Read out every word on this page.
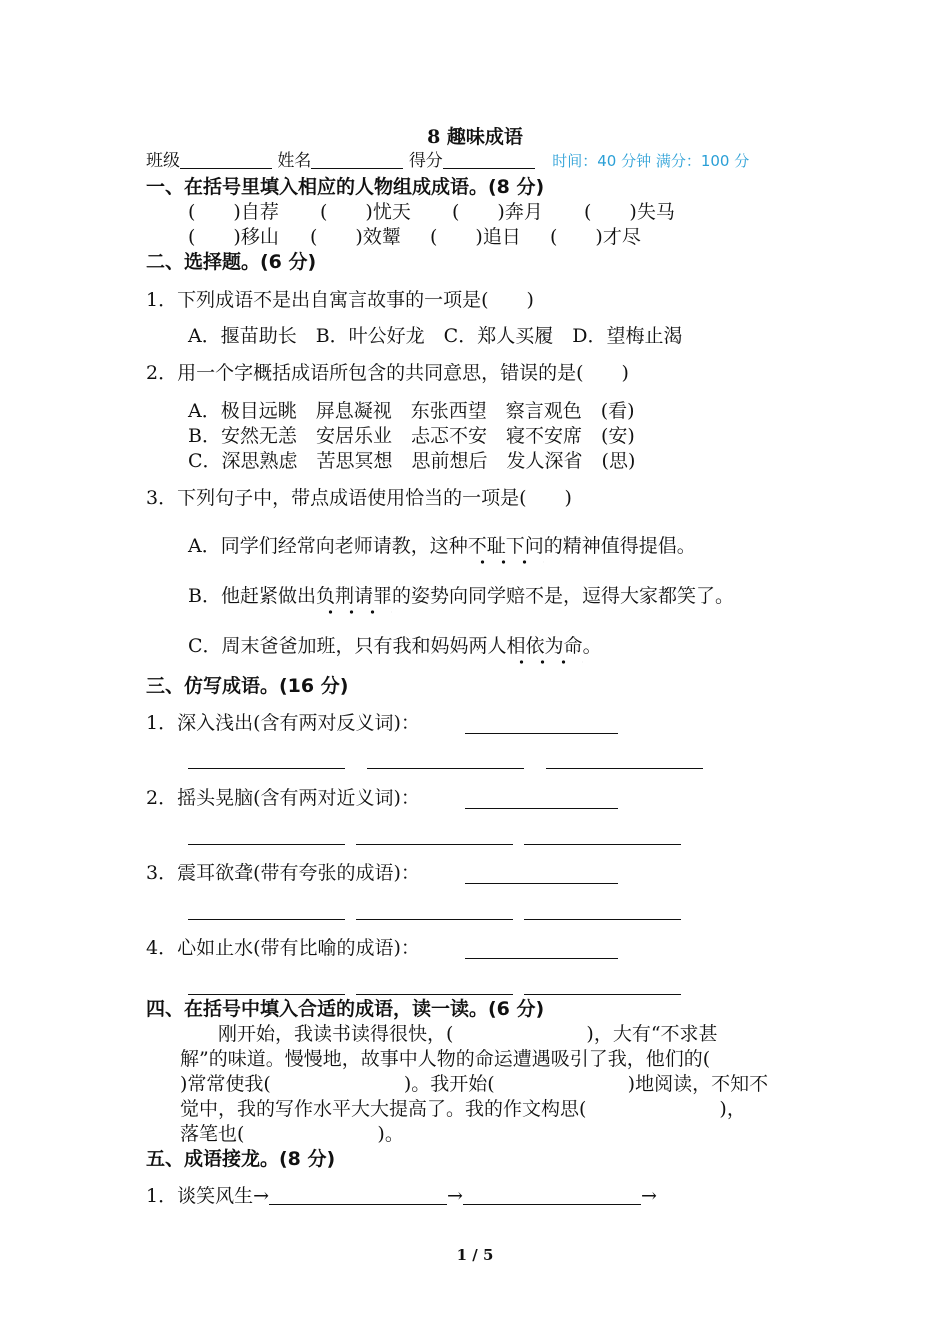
8 趣味成语
班级	姓名	得分	时间：40 分钟 满分：100 分
一、在括号里填入相应的人物组成成语。(8 分)
(　　)自荐 (　　)忧天 (　　)奔月 (　　)失马
(　　)移山 (　　)效颦 (　　)追日 (　　)才尽
二、选择题。(6 分)
1．下列成语不是出自寓言故事的一项是(　　)
A．揠苗助长　B．叶公好龙　C．郑人买履　D．望梅止渴
2．用一个字概括成语所包含的共同意思，错误的是(　　)
A．极目远眺　屏息凝视　东张西望　察言观色　(看)
B．安然无恙　安居乐业　忐忑不安　寝不安席　(安)
C．深思熟虑　苦思冥想　思前想后　发人深省　(思)
3．下列句子中，带点成语使用恰当的一项是(　　)
A．同学们经常向老师请教，这种不耻下问的精神值得提倡。
B．他赶紧做出负荆请罪的姿势向同学赔不是，逗得大家都笑了。
C．周末爸爸加班，只有我和妈妈两人相依为命。
三、仿写成语。(16 分)
1．深入浅出(含有两对反义词)：
2．摇头晃脑(含有两对近义词)：
3．震耳欲聋(带有夸张的成语)：
4．心如止水(带有比喻的成语)：
四、在括号中填入合适的成语，读一读。(6 分)
　　刚开始，我读书读得很快，(　　　　　　　)，大有“不求甚
解”的味道。慢慢地，故事中人物的命运遭遇吸引了我，他们的(
)常常使我(　　　　　　　)。我开始(　　　　　　　)地阅读，不知不
觉中，我的写作水平大大提高了。我的作文构思(　　　　　　　)，
落笔也(　　　　　　　)。
五、成语接龙。(8 分)
1．谈笑风生→	→	→
1 / 5
